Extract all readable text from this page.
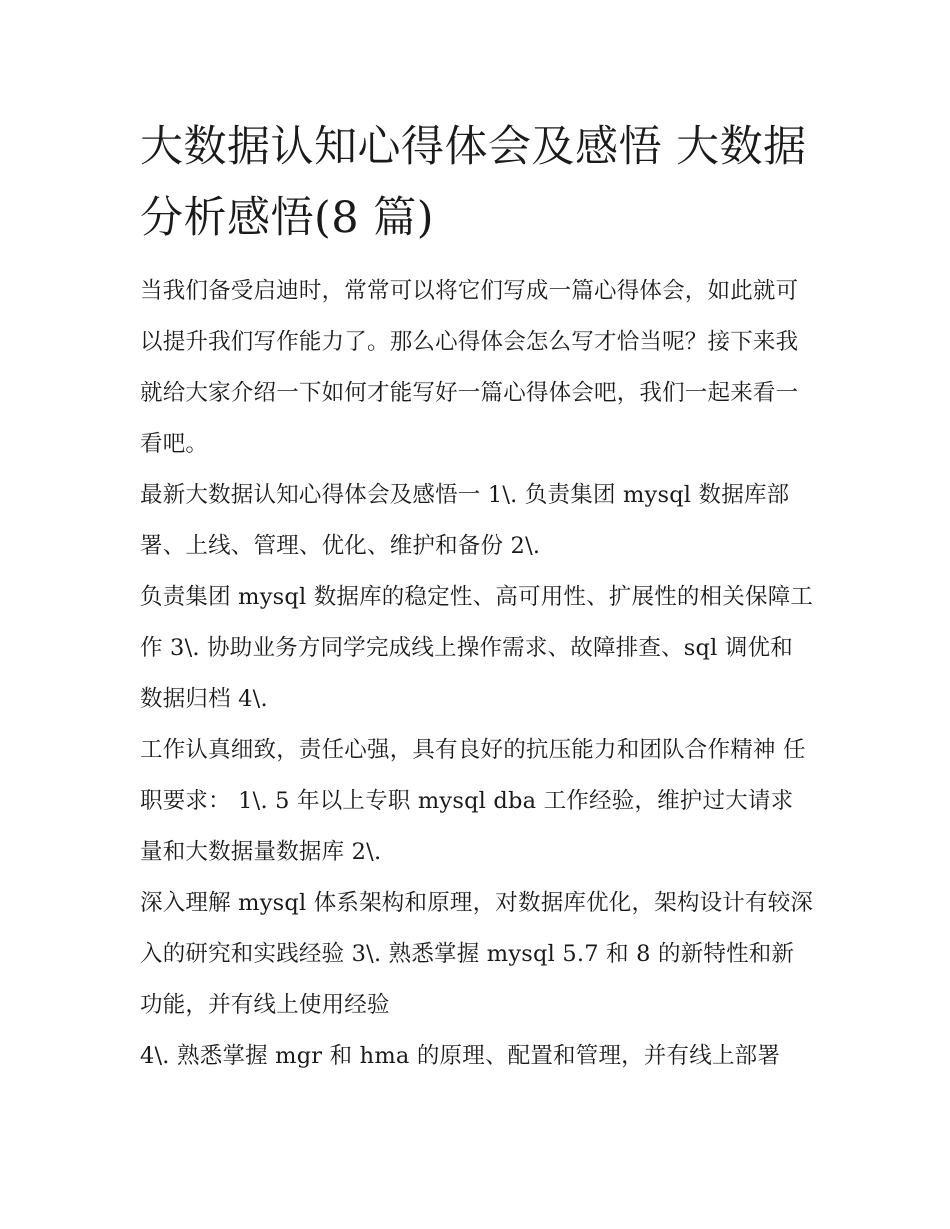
大数据认知心得体会及感悟 大数据分析感悟(8 篇)

当我们备受启迪时，常常可以将它们写成一篇心得体会，如此就可以提升我们写作能力了。那么心得体会怎么写才恰当呢？接下来我就给大家介绍一下如何才能写好一篇心得体会吧，我们一起来看一看吧。

最新大数据认知心得体会及感悟一 1\. 负责集团 mysql 数据库部署、上线、管理、优化、维护和备份 2\.

负责集团 mysql 数据库的稳定性、高可用性、扩展性的相关保障工作 3\. 协助业务方同学完成线上操作需求、故障排查、sql 调优和数据归档 4\.

工作认真细致，责任心强，具有良好的抗压能力和团队合作精神 任职要求： 1\. 5 年以上专职 mysql dba 工作经验，维护过大请求量和大数据量数据库 2\.

深入理解 mysql 体系架构和原理，对数据库优化，架构设计有较深入的研究和实践经验 3\. 熟悉掌握 mysql 5.7 和 8 的新特性和新功能，并有线上使用经验

4\. 熟悉掌握 mgr 和 hma 的原理、配置和管理，并有线上部署
